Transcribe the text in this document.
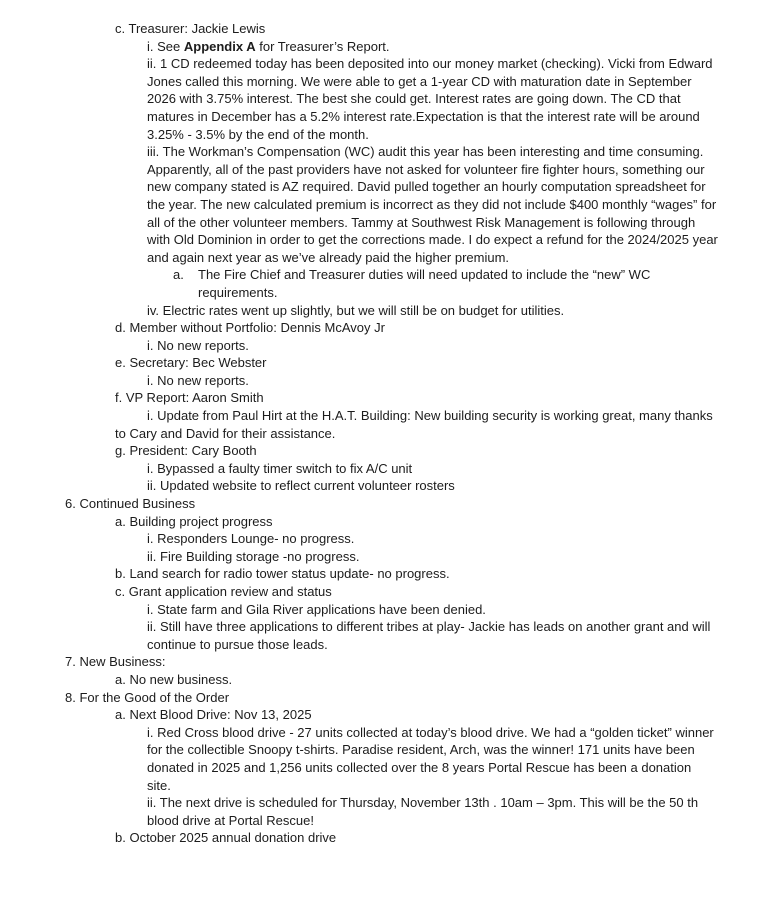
c. Treasurer: Jackie Lewis
i. See Appendix A for Treasurer’s Report.
ii. 1 CD redeemed today has been deposited into our money market (checking). Vicki from Edward Jones called this morning. We were able to get a 1-year CD with maturation date in September 2026 with 3.75% interest. The best she could get. Interest rates are going down. The CD that matures in December has a 5.2% interest rate.Expectation is that the interest rate will be around 3.25% - 3.5% by the end of the month.
iii. The Workman’s Compensation (WC) audit this year has been interesting and time consuming. Apparently, all of the past providers have not asked for volunteer fire fighter hours, something our new company stated is AZ required. David pulled together an hourly computation spreadsheet for the year. The new calculated premium is incorrect as they did not include $400 monthly “wages” for all of the other volunteer members. Tammy at Southwest Risk Management is following through with Old Dominion in order to get the corrections made. I do expect a refund for the 2024/2025 year and again next year as we’ve already paid the higher premium.
a. The Fire Chief and Treasurer duties will need updated to include the “new” WC requirements.
iv. Electric rates went up slightly, but we will still be on budget for utilities.
d. Member without Portfolio: Dennis McAvoy Jr
i. No new reports.
e. Secretary: Bec Webster
i. No new reports.
f. VP Report: Aaron Smith
i. Update from Paul Hirt at the H.A.T. Building: New building security is working great, many thanks to Cary and David for their assistance.
g. President: Cary Booth
i. Bypassed a faulty timer switch to fix A/C unit
ii. Updated website to reflect current volunteer rosters
6. Continued Business
a. Building project progress
i. Responders Lounge- no progress.
ii. Fire Building storage -no progress.
b. Land search for radio tower status update- no progress.
c. Grant application review and status
i. State farm and Gila River applications have been denied.
ii. Still have three applications to different tribes at play- Jackie has leads on another grant and will continue to pursue those leads.
7. New Business:
a. No new business.
8. For the Good of the Order
a. Next Blood Drive: Nov 13, 2025
i. Red Cross blood drive - 27 units collected at today’s blood drive. We had a “golden ticket” winner for the collectible Snoopy t-shirts. Paradise resident, Arch, was the winner! 171 units have been donated in 2025 and 1,256 units collected over the 8 years Portal Rescue has been a donation site.
ii. The next drive is scheduled for Thursday, November 13th . 10am – 3pm. This will be the 50 th blood drive at Portal Rescue!
b. October 2025 annual donation drive
